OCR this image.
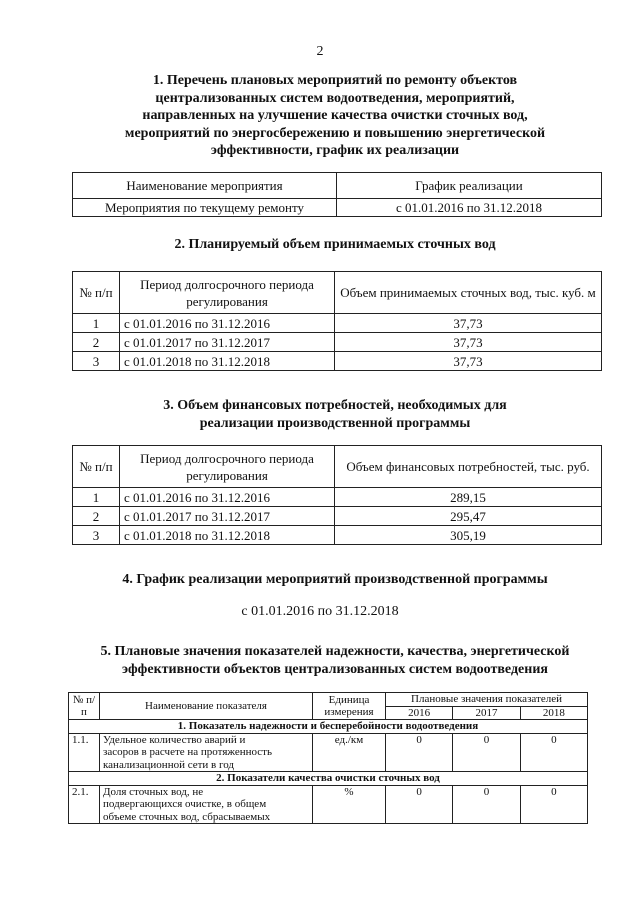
2
1. Перечень плановых мероприятий по ремонту объектов
централизованных систем водоотведения, мероприятий,
направленных на улучшение качества очистки сточных вод,
мероприятий по энергосбережению и повышению энергетической
эффективности, график их реализации
Наименование мероприятия	График реализации
Мероприятия по текущему ремонту	с 01.01.2016 по 31.12.2018
2. Планируемый объем принимаемых сточных вод
№ п/п	Период долгосрочного периода регулирования	Объем принимаемых сточных вод, тыс. куб. м
1	с 01.01.2016 по 31.12.2016	37,73
2	с 01.01.2017 по 31.12.2017	37,73
3	с 01.01.2018 по 31.12.2018	37,73
3. Объем финансовых потребностей, необходимых для
реализации производственной программы
№ п/п	Период долгосрочного периода регулирования	Объем финансовых потребностей, тыс. руб.
1	с 01.01.2016 по 31.12.2016	289,15
2	с 01.01.2017 по 31.12.2017	295,47
3	с 01.01.2018 по 31.12.2018	305,19
4. График реализации мероприятий производственной программы
с 01.01.2016 по 31.12.2018
5. Плановые значения показателей надежности, качества, энергетической
эффективности объектов централизованных систем водоотведения
№ п/п	Наименование показателя	Единица измерения	Плановые значения показателей		
			2016	2017	2018
1. Показатель надежности и бесперебойности водоотведения					
1.1.	Удельное количество аварий и
засоров в расчете на протяженность
канализационной сети в год	ед./км	0	0	0
2. Показатели качества очистки сточных вод					
2.1.	Доля сточных вод, не
подвергающихся очистке, в общем
объеме сточных вод, сбрасываемых	%	0	0	0
